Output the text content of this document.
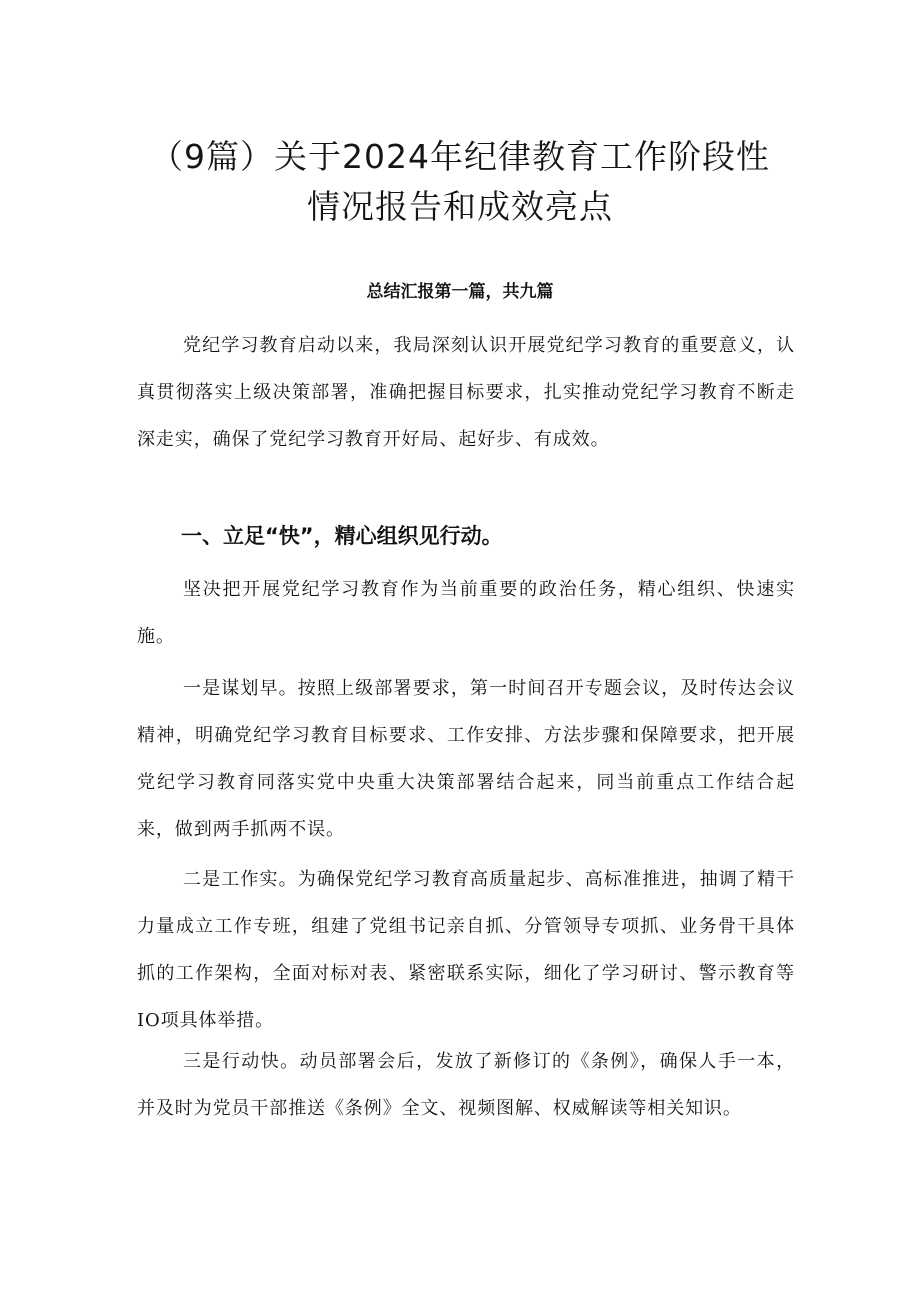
（9篇）关于2024年纪律教育工作阶段性
情况报告和成效亮点
总结汇报第一篇，共九篇

党纪学习教育启动以来，我局深刻认识开展党纪学习教育的重要意义，认真贯彻落实上级决策部署，准确把握目标要求，扎实推动党纪学习教育不断走深走实，确保了党纪学习教育开好局、起好步、有成效。

一、立足“快”，精心组织见行动。

坚决把开展党纪学习教育作为当前重要的政治任务，精心组织、快速实施。

一是谋划早。按照上级部署要求，第一时间召开专题会议，及时传达会议精神，明确党纪学习教育目标要求、工作安排、方法步骤和保障要求，把开展党纪学习教育同落实党中央重大决策部署结合起来，同当前重点工作结合起来，做到两手抓两不误。

二是工作实。为确保党纪学习教育高质量起步、高标准推进，抽调了精干力量成立工作专班，组建了党组书记亲自抓、分管领导专项抓、业务骨干具体抓的工作架构，全面对标对表、紧密联系实际，细化了学习研讨、警示教育等IO项具体举措。

三是行动快。动员部署会后，发放了新修订的《条例》，确保人手一本，并及时为党员干部推送《条例》全文、视频图解、权威解读等相关知识。
